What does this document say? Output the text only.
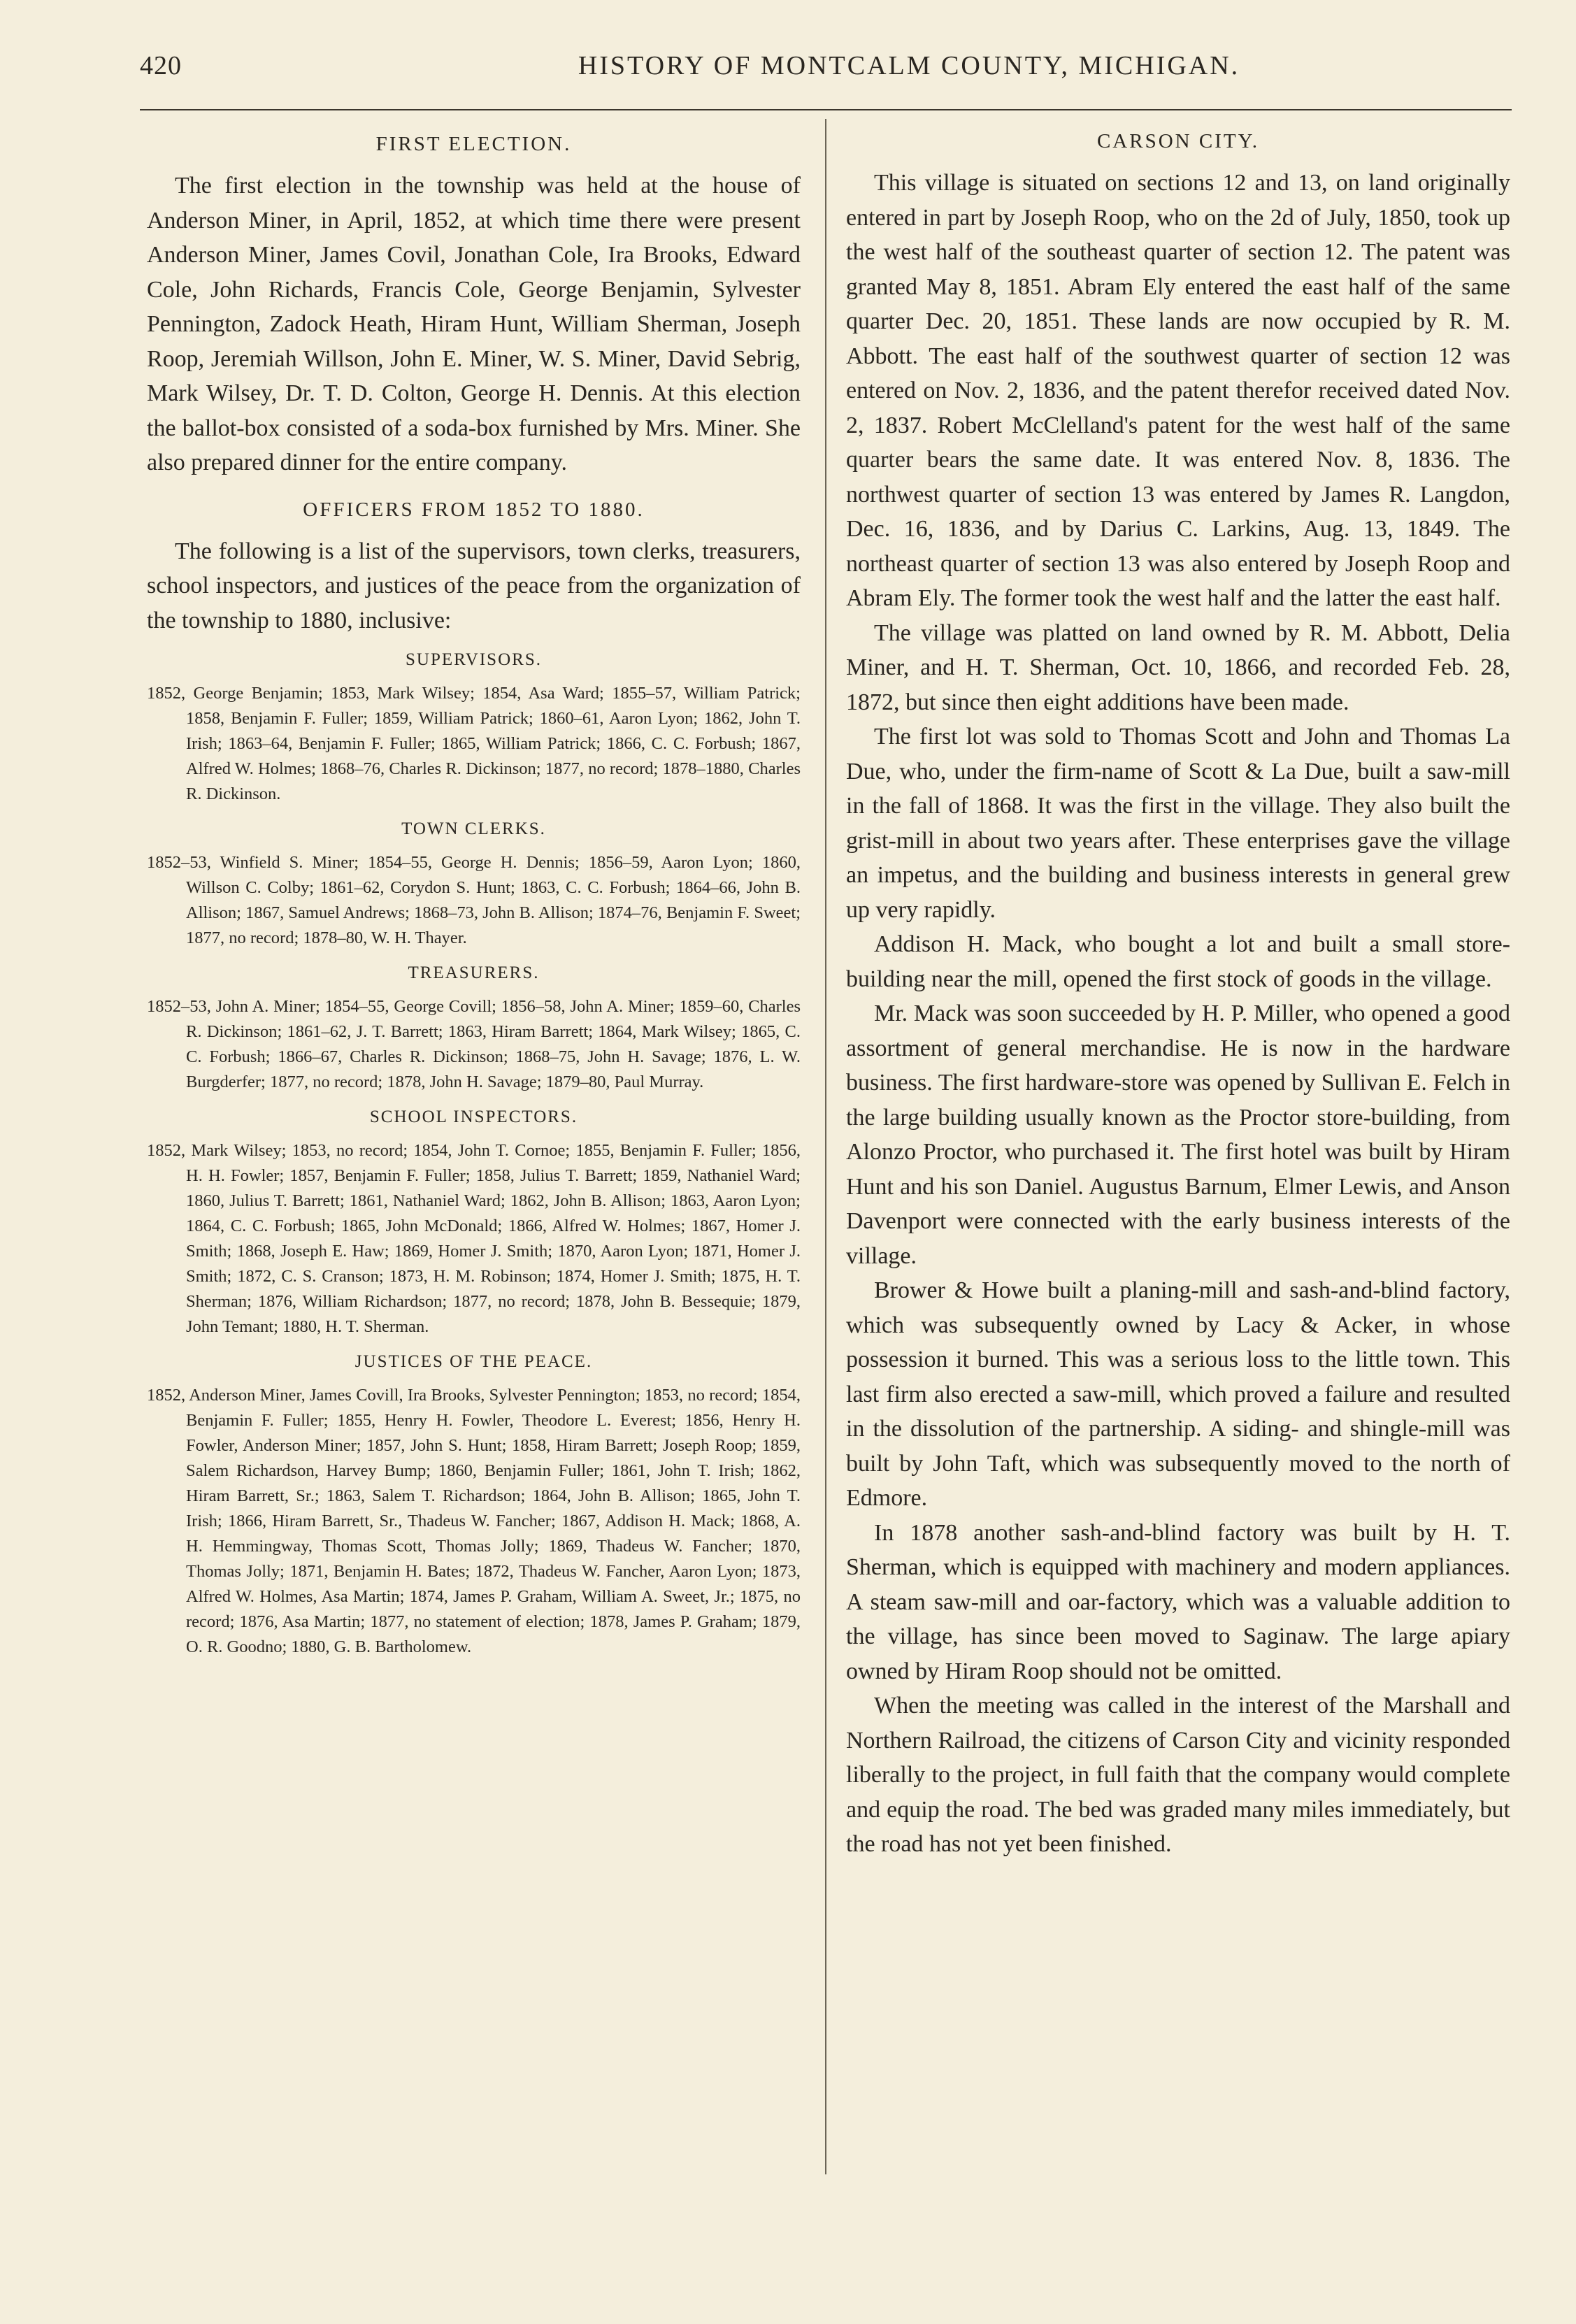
420	HISTORY OF MONTCALM COUNTY, MICHIGAN.
FIRST ELECTION.

The first election in the township was held at the house of Anderson Miner, in April, 1852, at which time there were present Anderson Miner, James Covil, Jonathan Cole, Ira Brooks, Edward Cole, John Richards, Francis Cole, George Benjamin, Sylvester Pennington, Zadock Heath, Hiram Hunt, William Sherman, Joseph Roop, Jeremiah Willson, John E. Miner, W. S. Miner, David Sebrig, Mark Wilsey, Dr. T. D. Colton, George H. Dennis. At this election the ballot-box consisted of a soda-box furnished by Mrs. Miner. She also prepared dinner for the entire company.

OFFICERS FROM 1852 TO 1880.

The following is a list of the supervisors, town clerks, treasurers, school inspectors, and justices of the peace from the organization of the township to 1880, inclusive:

SUPERVISORS.

1852, George Benjamin; 1853, Mark Wilsey; 1854, Asa Ward; 1855–57, William Patrick; 1858, Benjamin F. Fuller; 1859, William Patrick; 1860–61, Aaron Lyon; 1862, John T. Irish; 1863–64, Benjamin F. Fuller; 1865, William Patrick; 1866, C. C. Forbush; 1867, Alfred W. Holmes; 1868–76, Charles R. Dickinson; 1877, no record; 1878–1880, Charles R. Dickinson.

TOWN CLERKS.

1852–53, Winfield S. Miner; 1854–55, George H. Dennis; 1856–59, Aaron Lyon; 1860, Willson C. Colby; 1861–62, Corydon S. Hunt; 1863, C. C. Forbush; 1864–66, John B. Allison; 1867, Samuel Andrews; 1868–73, John B. Allison; 1874–76, Benjamin F. Sweet; 1877, no record; 1878–80, W. H. Thayer.

TREASURERS.

1852–53, John A. Miner; 1854–55, George Covill; 1856–58, John A. Miner; 1859–60, Charles R. Dickinson; 1861–62, J. T. Barrett; 1863, Hiram Barrett; 1864, Mark Wilsey; 1865, C. C. Forbush; 1866–67, Charles R. Dickinson; 1868–75, John H. Savage; 1876, L. W. Burgderfer; 1877, no record; 1878, John H. Savage; 1879–80, Paul Murray.

SCHOOL INSPECTORS.

1852, Mark Wilsey; 1853, no record; 1854, John T. Cornoe; 1855, Benjamin F. Fuller; 1856, H. H. Fowler; 1857, Benjamin F. Fuller; 1858, Julius T. Barrett; 1859, Nathaniel Ward; 1860, Julius T. Barrett; 1861, Nathaniel Ward; 1862, John B. Allison; 1863, Aaron Lyon; 1864, C. C. Forbush; 1865, John McDonald; 1866, Alfred W. Holmes; 1867, Homer J. Smith; 1868, Joseph E. Haw; 1869, Homer J. Smith; 1870, Aaron Lyon; 1871, Homer J. Smith; 1872, C. S. Cranson; 1873, H. M. Robinson; 1874, Homer J. Smith; 1875, H. T. Sherman; 1876, William Richardson; 1877, no record; 1878, John B. Bessequie; 1879, John Temant; 1880, H. T. Sherman.

JUSTICES OF THE PEACE.

1852, Anderson Miner, James Covill, Ira Brooks, Sylvester Pennington; 1853, no record; 1854, Benjamin F. Fuller; 1855, Henry H. Fowler, Theodore L. Everest; 1856, Henry H. Fowler, Anderson Miner; 1857, John S. Hunt; 1858, Hiram Barrett; Joseph Roop; 1859, Salem Richardson, Harvey Bump; 1860, Benjamin Fuller; 1861, John T. Irish; 1862, Hiram Barrett, Sr.; 1863, Salem T. Richardson; 1864, John B. Allison; 1865, John T. Irish; 1866, Hiram Barrett, Sr., Thadeus W. Fancher; 1867, Addison H. Mack; 1868, A. H. Hemmingway, Thomas Scott, Thomas Jolly; 1869, Thadeus W. Fancher; 1870, Thomas Jolly; 1871, Benjamin H. Bates; 1872, Thadeus W. Fancher, Aaron Lyon; 1873, Alfred W. Holmes, Asa Martin; 1874, James P. Graham, William A. Sweet, Jr.; 1875, no record; 1876, Asa Martin; 1877, no statement of election; 1878, James P. Graham; 1879, O. R. Goodno; 1880, G. B. Bartholomew.

CARSON CITY.

This village is situated on sections 12 and 13, on land originally entered in part by Joseph Roop, who on the 2d of July, 1850, took up the west half of the southeast quarter of section 12. The patent was granted May 8, 1851. Abram Ely entered the east half of the same quarter Dec. 20, 1851. These lands are now occupied by R. M. Abbott. The east half of the southwest quarter of section 12 was entered on Nov. 2, 1836, and the patent therefor received dated Nov. 2, 1837. Robert McClelland's patent for the west half of the same quarter bears the same date. It was entered Nov. 8, 1836. The northwest quarter of section 13 was entered by James R. Langdon, Dec. 16, 1836, and by Darius C. Larkins, Aug. 13, 1849. The northeast quarter of section 13 was also entered by Joseph Roop and Abram Ely. The former took the west half and the latter the east half.

The village was platted on land owned by R. M. Abbott, Delia Miner, and H. T. Sherman, Oct. 10, 1866, and recorded Feb. 28, 1872, but since then eight additions have been made.

The first lot was sold to Thomas Scott and John and Thomas La Due, who, under the firm-name of Scott & La Due, built a saw-mill in the fall of 1868. It was the first in the village. They also built the grist-mill in about two years after. These enterprises gave the village an impetus, and the building and business interests in general grew up very rapidly.

Addison H. Mack, who bought a lot and built a small store-building near the mill, opened the first stock of goods in the village.

Mr. Mack was soon succeeded by H. P. Miller, who opened a good assortment of general merchandise. He is now in the hardware business. The first hardware-store was opened by Sullivan E. Felch in the large building usually known as the Proctor store-building, from Alonzo Proctor, who purchased it. The first hotel was built by Hiram Hunt and his son Daniel. Augustus Barnum, Elmer Lewis, and Anson Davenport were connected with the early business interests of the village.

Brower & Howe built a planing-mill and sash-and-blind factory, which was subsequently owned by Lacy & Acker, in whose possession it burned. This was a serious loss to the little town. This last firm also erected a saw-mill, which proved a failure and resulted in the dissolution of the partnership. A siding- and shingle-mill was built by John Taft, which was subsequently moved to the north of Edmore.

In 1878 another sash-and-blind factory was built by H. T. Sherman, which is equipped with machinery and modern appliances. A steam saw-mill and oar-factory, which was a valuable addition to the village, has since been moved to Saginaw. The large apiary owned by Hiram Roop should not be omitted.

When the meeting was called in the interest of the Marshall and Northern Railroad, the citizens of Carson City and vicinity responded liberally to the project, in full faith that the company would complete and equip the road. The bed was graded many miles immediately, but the road has not yet been finished.
